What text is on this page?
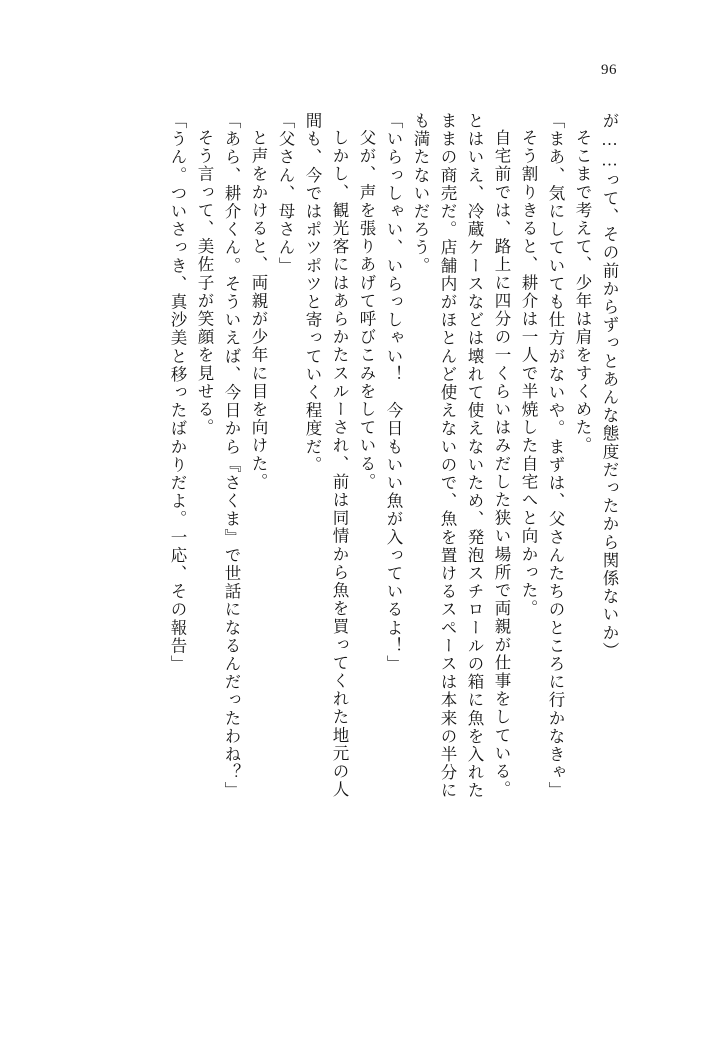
96
が……って、その前からずっとあんな態度だったから関係ないか）
そこまで考えて、少年は肩をすくめた。
「まあ、気にしていても仕方がないや。まずは、父さんたちのところに行かなきゃ」
そう割りきると、耕介は一人で半焼した自宅へと向かった。
自宅前では、路上に四分の一くらいはみだした狭い場所で両親が仕事をしている。
とはいえ、冷蔵ケースなどは壊れて使えないため、発泡スチロールの箱に魚を入れた
ままの商売だ。店舗内がほとんど使えないので、魚を置けるスペースは本来の半分に
も満たないだろう。
「いらっしゃい、いらっしゃい！　今日もいい魚が入っているよ！」
父が、声を張りあげて呼びこみをしている。
しかし、観光客にはあらかたスルーされ、前は同情から魚を買ってくれた地元の人
間も、今ではポツポツと寄っていく程度だ。
「父さん、母さん」
と声をかけると、両親が少年に目を向けた。
「あら、耕介くん。そういえば、今日から『さくま』で世話になるんだったわね？」
そう言って、美佐子が笑顔を見せる。
「うん。ついさっき、真沙美と移ったばかりだよ。一応、その報告」
